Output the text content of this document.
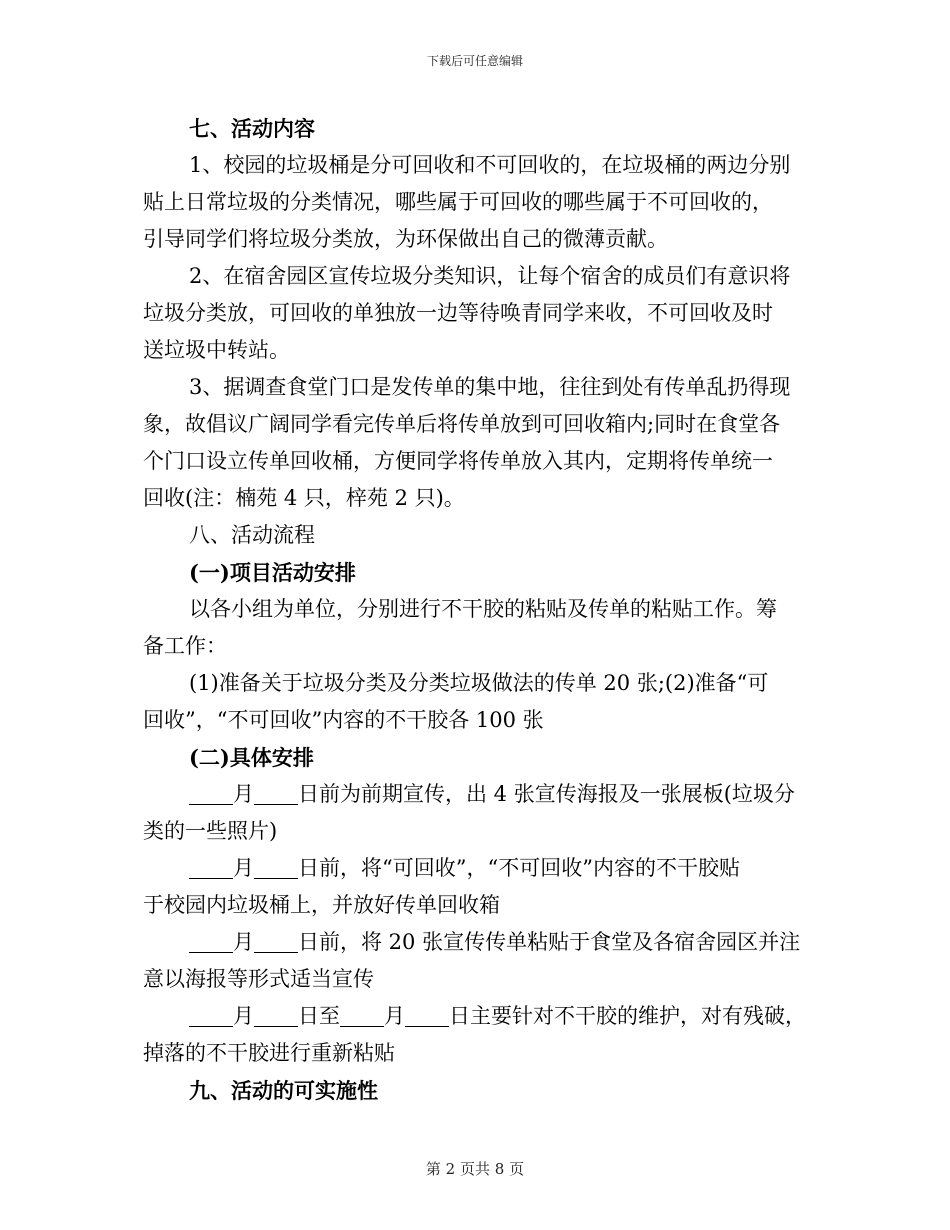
下载后可任意编辑
七、活动内容
1、校园的垃圾桶是分可回收和不可回收的，在垃圾桶的两边分别
贴上日常垃圾的分类情况，哪些属于可回收的哪些属于不可回收的，
引导同学们将垃圾分类放，为环保做出自己的微薄贡献。
2、在宿舍园区宣传垃圾分类知识，让每个宿舍的成员们有意识将
垃圾分类放，可回收的单独放一边等待唤青同学来收，不可回收及时
送垃圾中转站。
3、据调查食堂门口是发传单的集中地，往往到处有传单乱扔得现
象，故倡议广阔同学看完传单后将传单放到可回收箱内;同时在食堂各
个门口设立传单回收桶，方便同学将传单放入其内，定期将传单统一
回收(注：楠苑 4 只，梓苑 2 只)。
八、活动流程
(一)项目活动安排
以各小组为单位，分别进行不干胶的粘贴及传单的粘贴工作。筹
备工作：
(1)准备关于垃圾分类及分类垃圾做法的传单 20 张;(2)准备“可
回收”，“不可回收”内容的不干胶各 100 张
(二)具体安排
月 日前为前期宣传，出 4 张宣传海报及一张展板(垃圾分
类的一些照片)
月 日前，将“可回收”，“不可回收”内容的不干胶贴
于校园内垃圾桶上，并放好传单回收箱
月 日前，将 20 张宣传传单粘贴于食堂及各宿舍园区并注
意以海报等形式适当宣传
月 日至 月 日主要针对不干胶的维护，对有残破，
掉落的不干胶进行重新粘贴
九、活动的可实施性
第 2 页共 8 页
